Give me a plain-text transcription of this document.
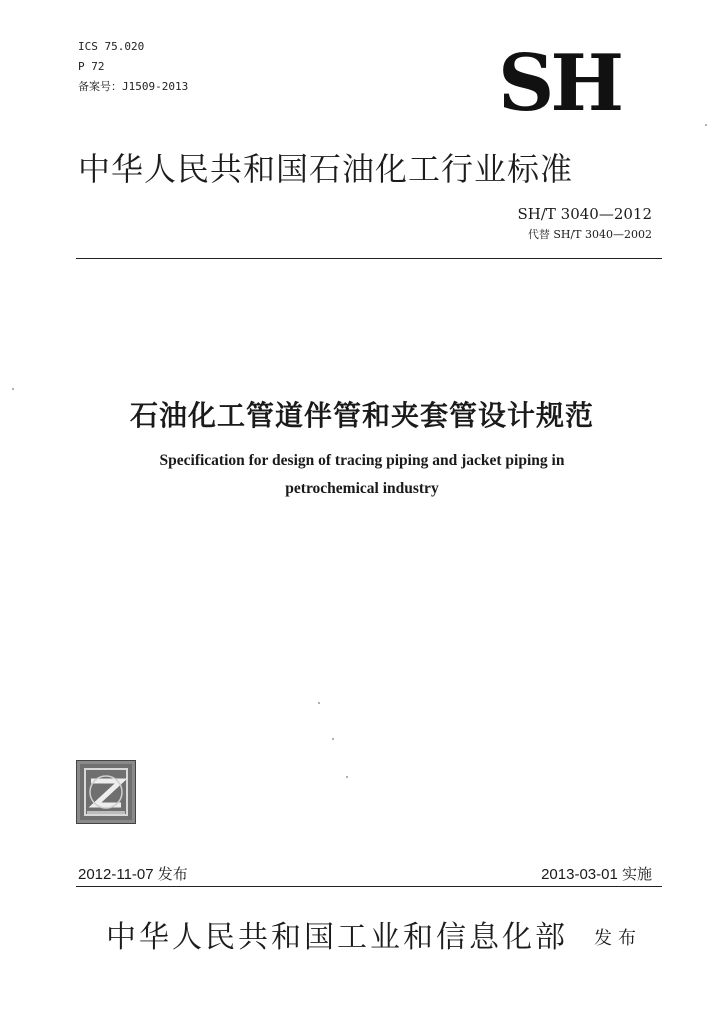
ICS 75.020
P 72
备案号：J1509-2013	SH
中华人民共和国石油化工行业标准
SH/T 3040—2012
代替 SH/T 3040—2002
石油化工管道伴管和夹套管设计规范
Specification for design of tracing piping and jacket piping in
petrochemical industry
2012-11-07 发布	2013-03-01 实施
中华人民共和国工业和信息化部 发布
